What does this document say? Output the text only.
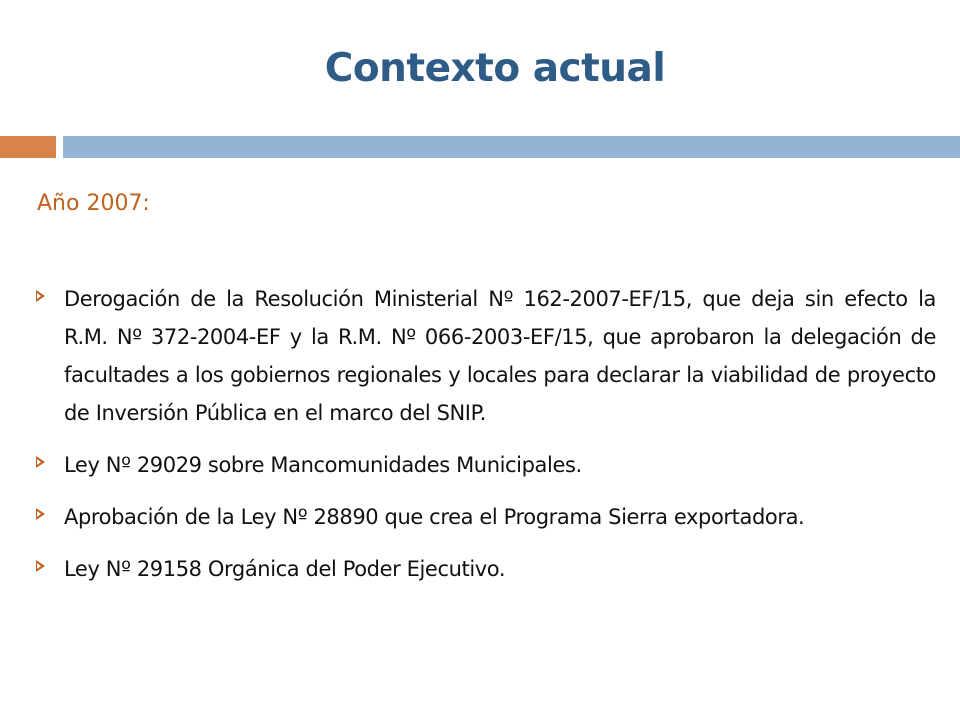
Contexto actual
Año 2007:
Derogación de la Resolución Ministerial Nº 162-2007-EF/15, que deja sin efecto la R.M. Nº 372-2004-EF y la R.M. Nº 066-2003-EF/15, que aprobaron la delegación de facultades a los gobiernos regionales y locales para declarar la viabilidad de proyecto de Inversión Pública en el marco del SNIP.
Ley Nº 29029 sobre Mancomunidades Municipales.
Aprobación de la Ley Nº 28890 que crea el Programa Sierra exportadora.
Ley Nº 29158 Orgánica del Poder Ejecutivo.
